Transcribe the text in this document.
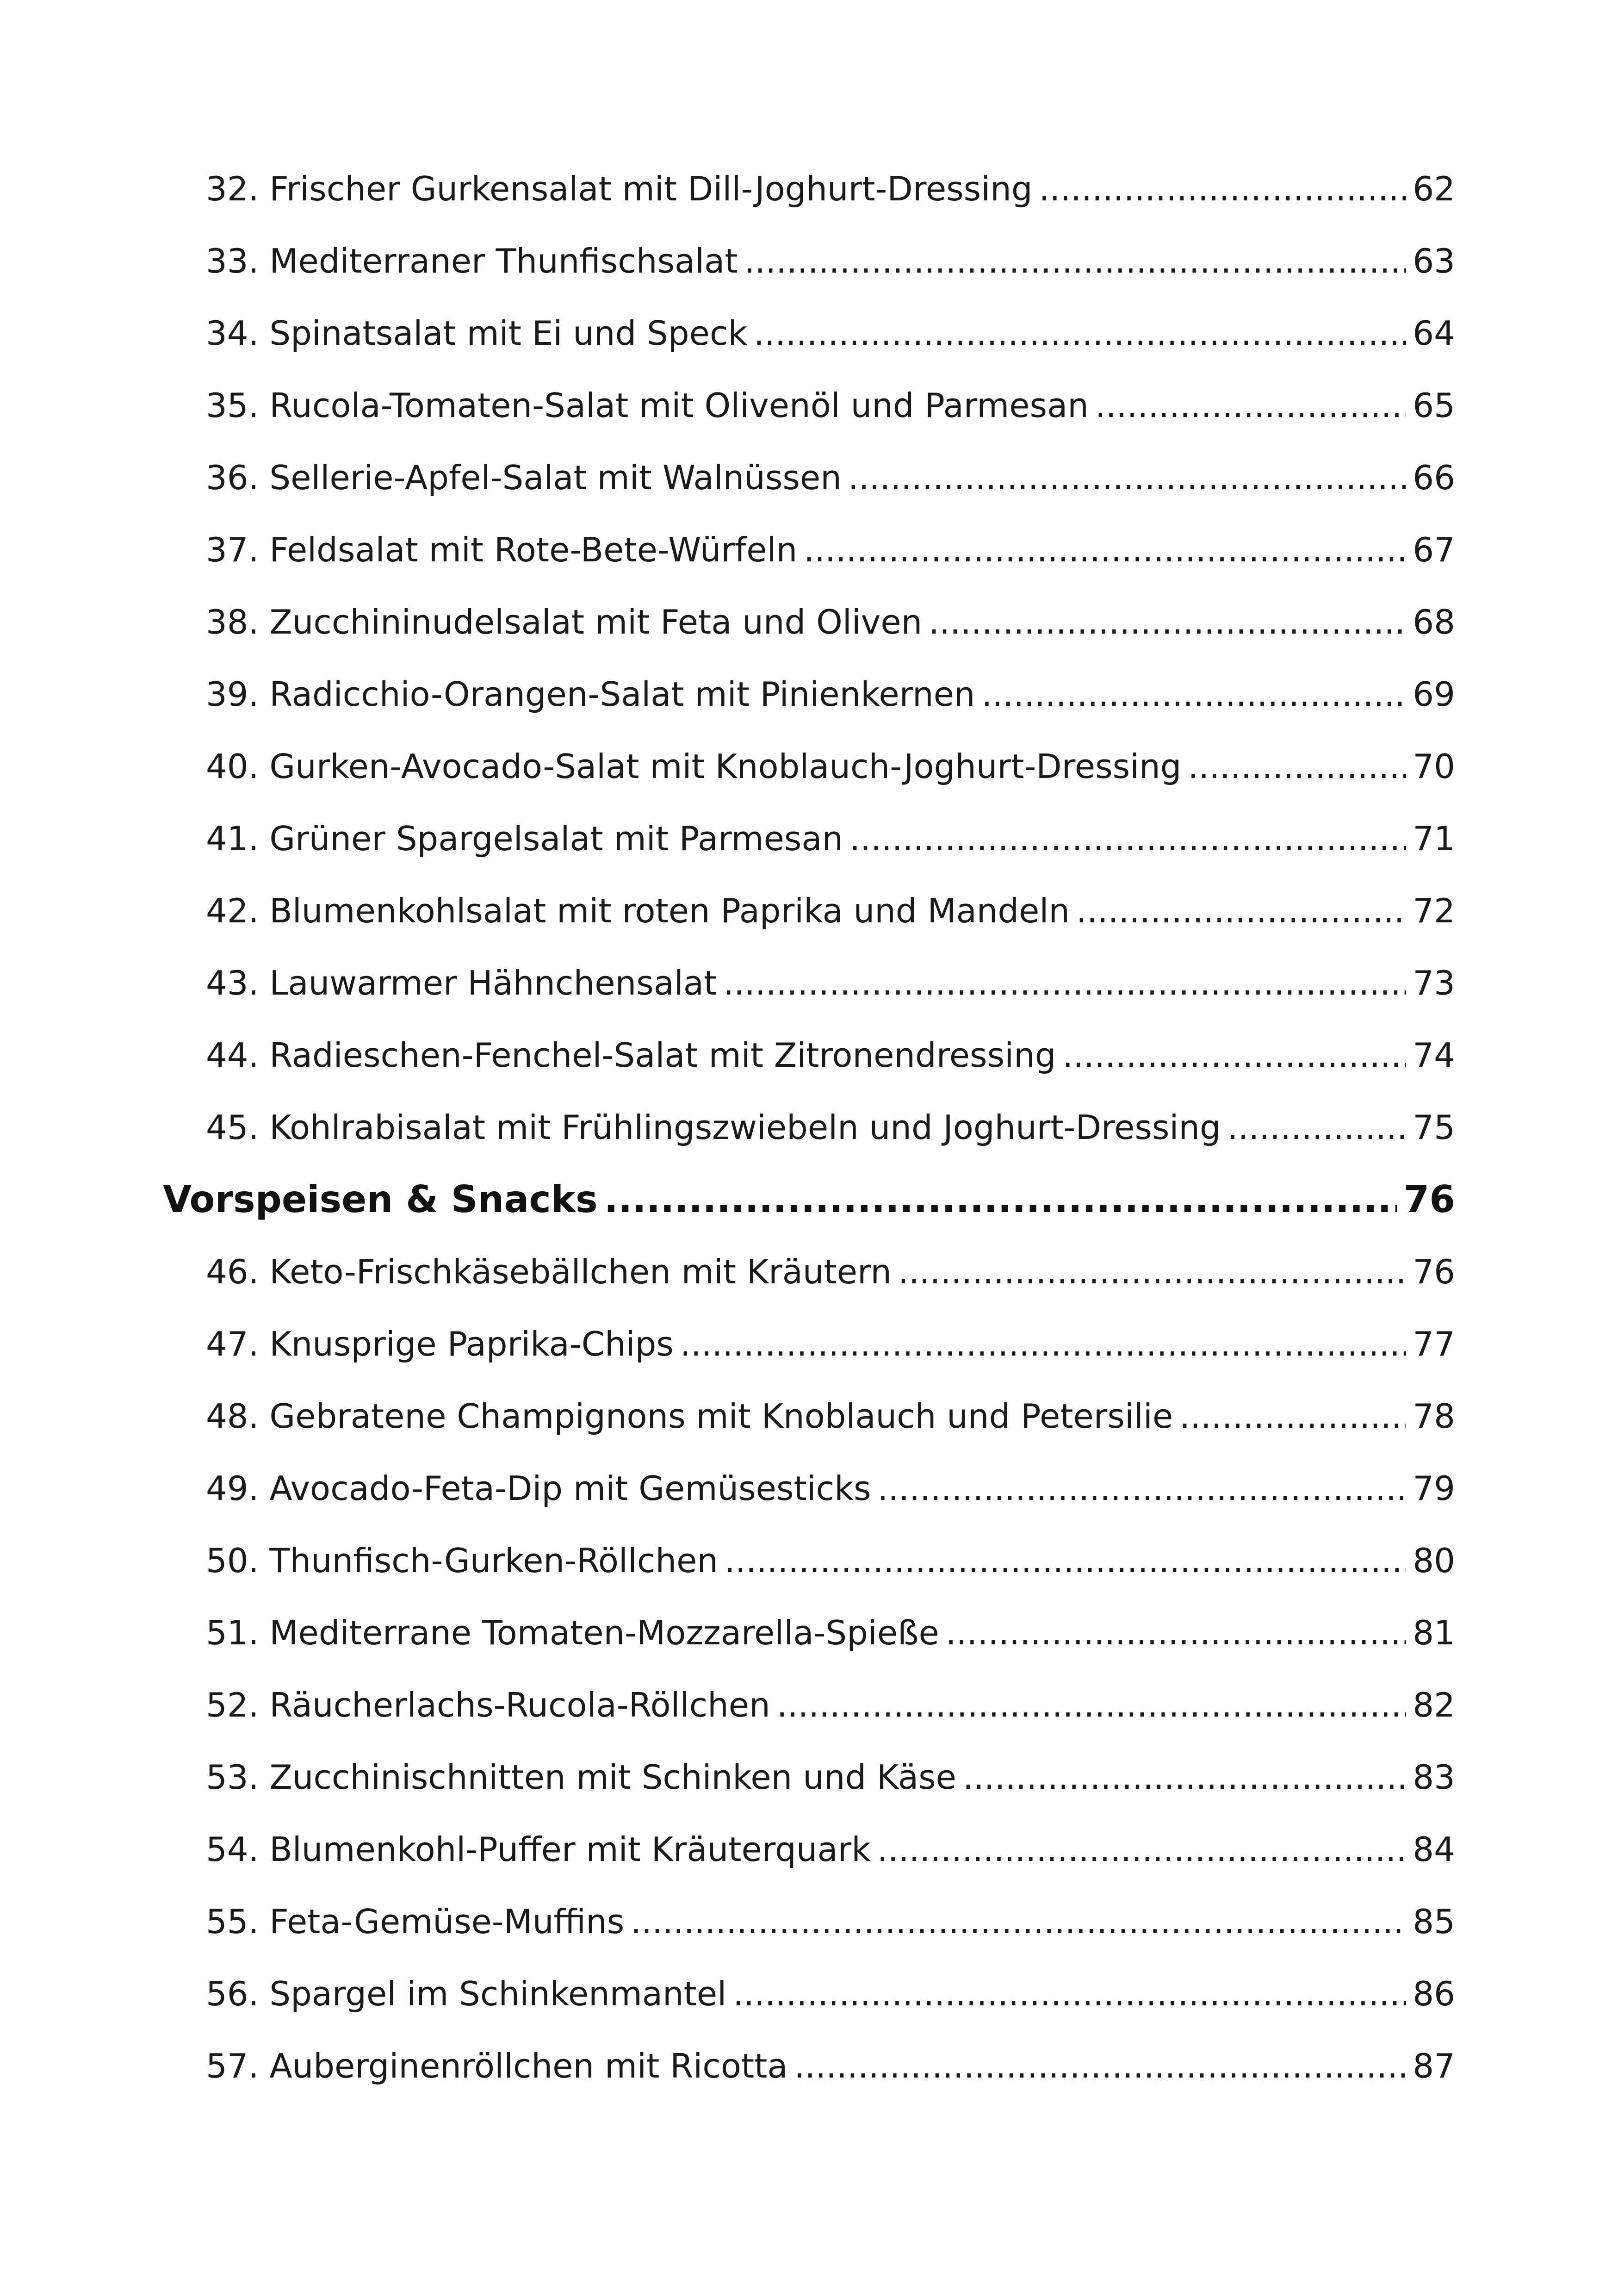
32. Frischer Gurkensalat mit Dill-Joghurt-Dressing .....	62
33. Mediterraner Thunfischsalat .....	63
34. Spinatsalat mit Ei und Speck .....	64
35. Rucola-Tomaten-Salat mit Olivenöl und Parmesan .....	65
36. Sellerie-Apfel-Salat mit Walnüssen .....	66
37. Feldsalat mit Rote-Bete-Würfeln .....	67
38. Zucchininudelsalat mit Feta und Oliven .....	68
39. Radicchio-Orangen-Salat mit Pinienkernen .....	69
40. Gurken-Avocado-Salat mit Knoblauch-Joghurt-Dressing .....	70
41. Grüner Spargelsalat mit Parmesan .....	71
42. Blumenkohlsalat mit roten Paprika und Mandeln .....	72
43. Lauwarmer Hähnchensalat .....	73
44. Radieschen-Fenchel-Salat mit Zitronendressing .....	74
45. Kohlrabisalat mit Frühlingszwiebeln und Joghurt-Dressing .....	75
Vorspeisen & Snacks .....	76
46. Keto-Frischkäsebällchen mit Kräutern .....	76
47. Knusprige Paprika-Chips .....	77
48. Gebratene Champignons mit Knoblauch und Petersilie .....	78
49. Avocado-Feta-Dip mit Gemüsesticks .....	79
50. Thunfisch-Gurken-Röllchen .....	80
51. Mediterrane Tomaten-Mozzarella-Spieße .....	81
52. Räucherlachs-Rucola-Röllchen .....	82
53. Zucchinischnitten mit Schinken und Käse .....	83
54. Blumenkohl-Puffer mit Kräuterquark .....	84
55. Feta-Gemüse-Muffins .....	85
56. Spargel im Schinkenmantel .....	86
57. Auberginenröllchen mit Ricotta .....	87
